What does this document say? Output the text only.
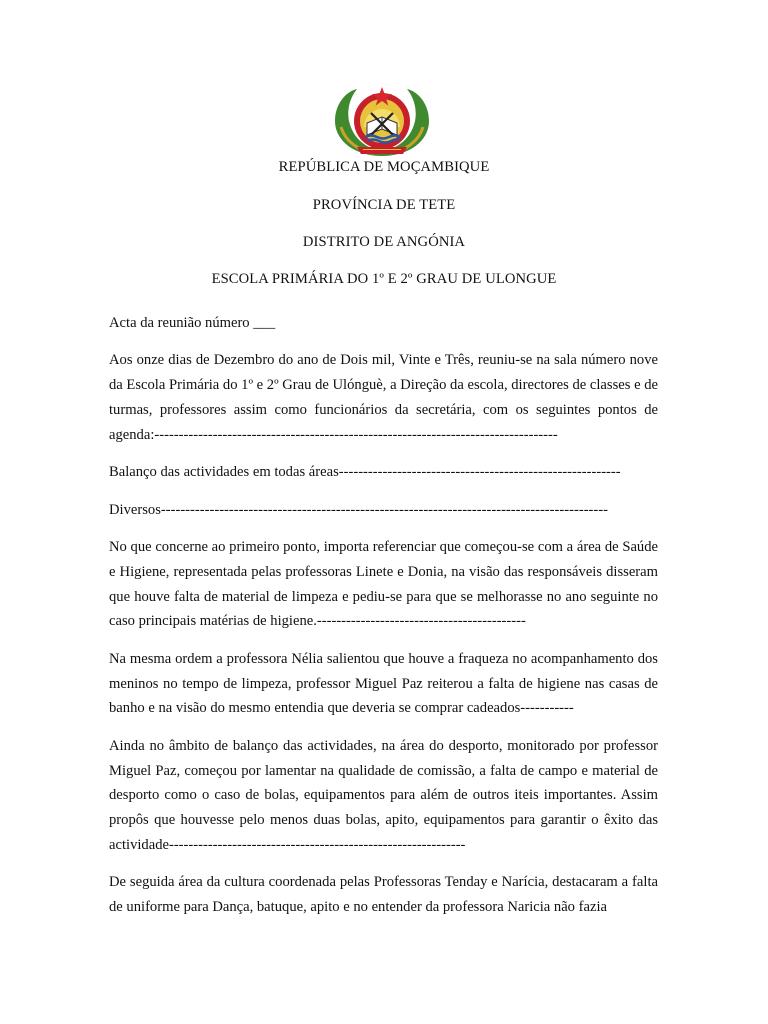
REPÚBLICA DE MOÇAMBIQUE
PROVÍNCIA DE TETE
DISTRITO DE ANGÓNIA
ESCOLA PRIMÁRIA DO 1º E 2º GRAU DE ULONGUE

Acta da reunião número ___

Aos onze dias de Dezembro do ano de Dois mil, Vinte e Três, reuniu-se na sala número nove da Escola Primária do 1º e 2º Grau de Ulónguè, a Direção da escola, directores de classes e de turmas, professores assim como funcionários da secretária, com os seguintes pontos de agenda:-----------------------------------------------------------------------------------

Balanço das actividades em todas áreas----------------------------------------------------------

Diversos--------------------------------------------------------------------------------------------

No que concerne ao primeiro ponto, importa referenciar que começou-se com a área de Saúde e Higiene, representada pelas professoras Linete e Donia, na visão das responsáveis disseram que houve falta de material de limpeza e pediu-se para que se melhorasse no ano seguinte no caso principais matérias de higiene.-------------------------------------------

Na mesma ordem a professora Nélia salientou que houve a fraqueza no acompanhamento dos meninos no tempo de limpeza, professor Miguel Paz reiterou a falta de higiene nas casas de banho e na visão do mesmo entendia que deveria se comprar cadeados-----------

Ainda no âmbito de balanço das actividades, na área do desporto, monitorado por professor Miguel Paz, começou por lamentar na qualidade de comissão, a falta de campo e material de desporto como o caso de bolas, equipamentos para além de outros iteis importantes. Assim propôs que houvesse pelo menos duas bolas, apito, equipamentos para garantir o êxito das actividade-------------------------------------------------------------

De seguida área da cultura coordenada pelas Professoras Tenday e Narícia, destacaram a falta de uniforme para Dança, batuque, apito e no entender da professora Naricia não fazia
